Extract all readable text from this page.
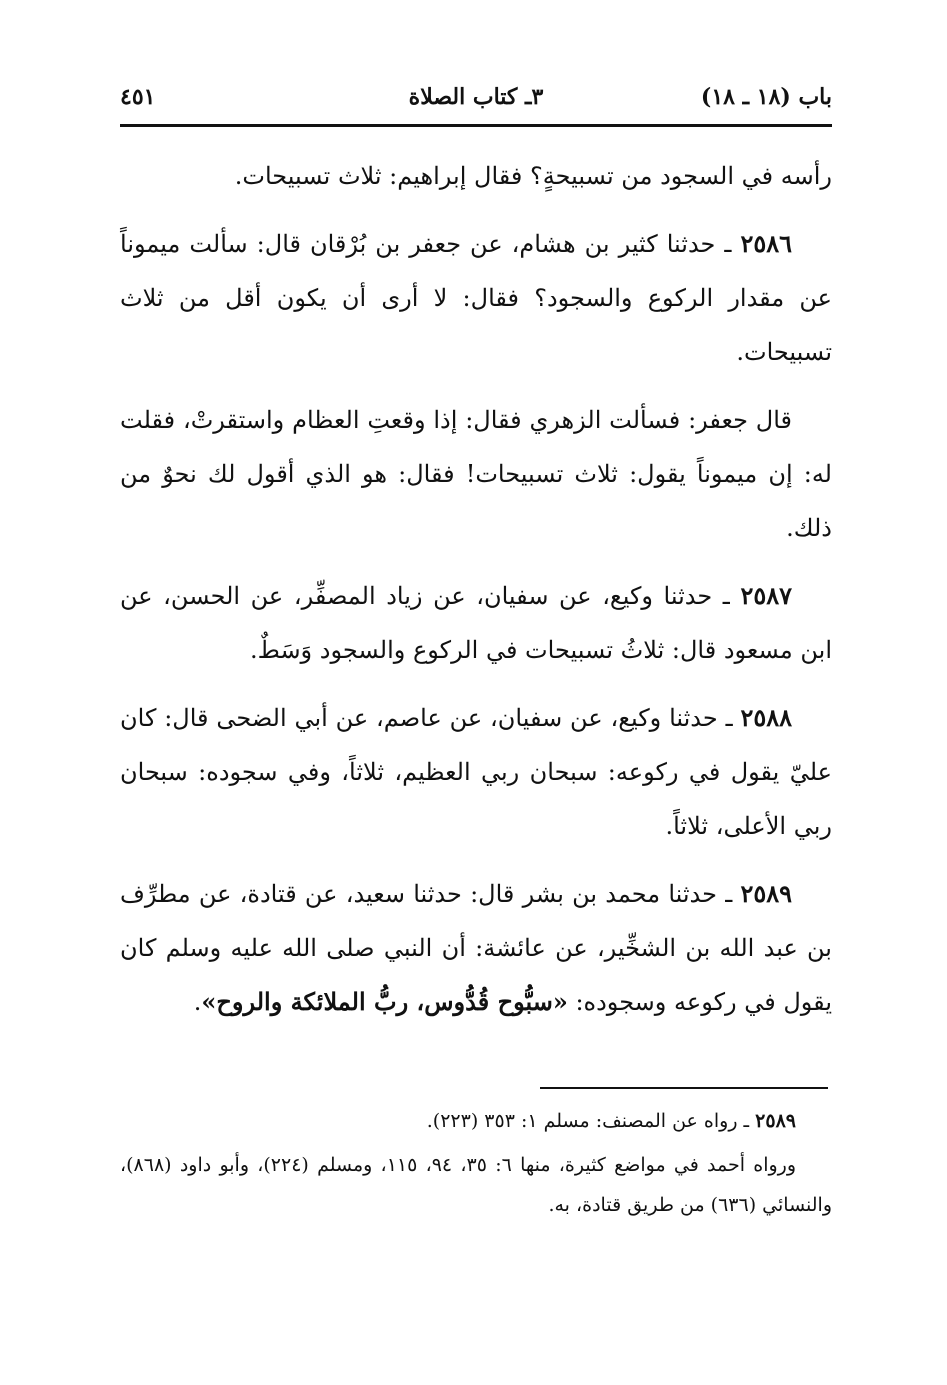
باب (١٨ ـ ١٨)
٣ـ كتاب الصلاة
٤٥١

رأسه في السجود من تسبيحةٍ؟ فقال إبراهيم: ثلاث تسبيحات.

٢٥٨٦ ـ حدثنا كثير بن هشام، عن جعفر بن بُرْقان قال: سألت ميموناً عن مقدار الركوع والسجود؟ فقال: لا أرى أن يكون أقل من ثلاث تسبيحات.

قال جعفر: فسألت الزهري فقال: إذا وقعتِ العظام واستقرتْ، فقلت له: إن ميموناً يقول: ثلاث تسبيحات! فقال: هو الذي أقول لك نحوٌ من ذلك.

٢٥٨٧ ـ حدثنا وكيع، عن سفيان، عن زياد المصفِّر، عن الحسن، عن ابن مسعود قال: ثلاثُ تسبيحات في الركوع والسجود وَسَطٌ.

٢٥٨٨ ـ حدثنا وكيع، عن سفيان، عن عاصم، عن أبي الضحى قال: كان عليّ يقول في ركوعه: سبحان ربي العظيم، ثلاثاً، وفي سجوده: سبحان ربي الأعلى، ثلاثاً.

٢٥٨٩ ـ حدثنا محمد بن بشر قال: حدثنا سعيد، عن قتادة، عن مطرِّف بن عبد الله بن الشخِّير، عن عائشة: أن النبي صلى الله عليه وسلم كان يقول في ركوعه وسجوده: «سبُّوح قُدُّوس، ربُّ الملائكة والروح».

٢٥٨٩ ـ رواه عن المصنف: مسلم ١: ٣٥٣ (٢٢٣).

ورواه أحمد في مواضع كثيرة، منها ٦: ٣٥، ٩٤، ١١٥، ومسلم (٢٢٤)، وأبو داود (٨٦٨)، والنسائي (٦٣٦) من طريق قتادة، به.
